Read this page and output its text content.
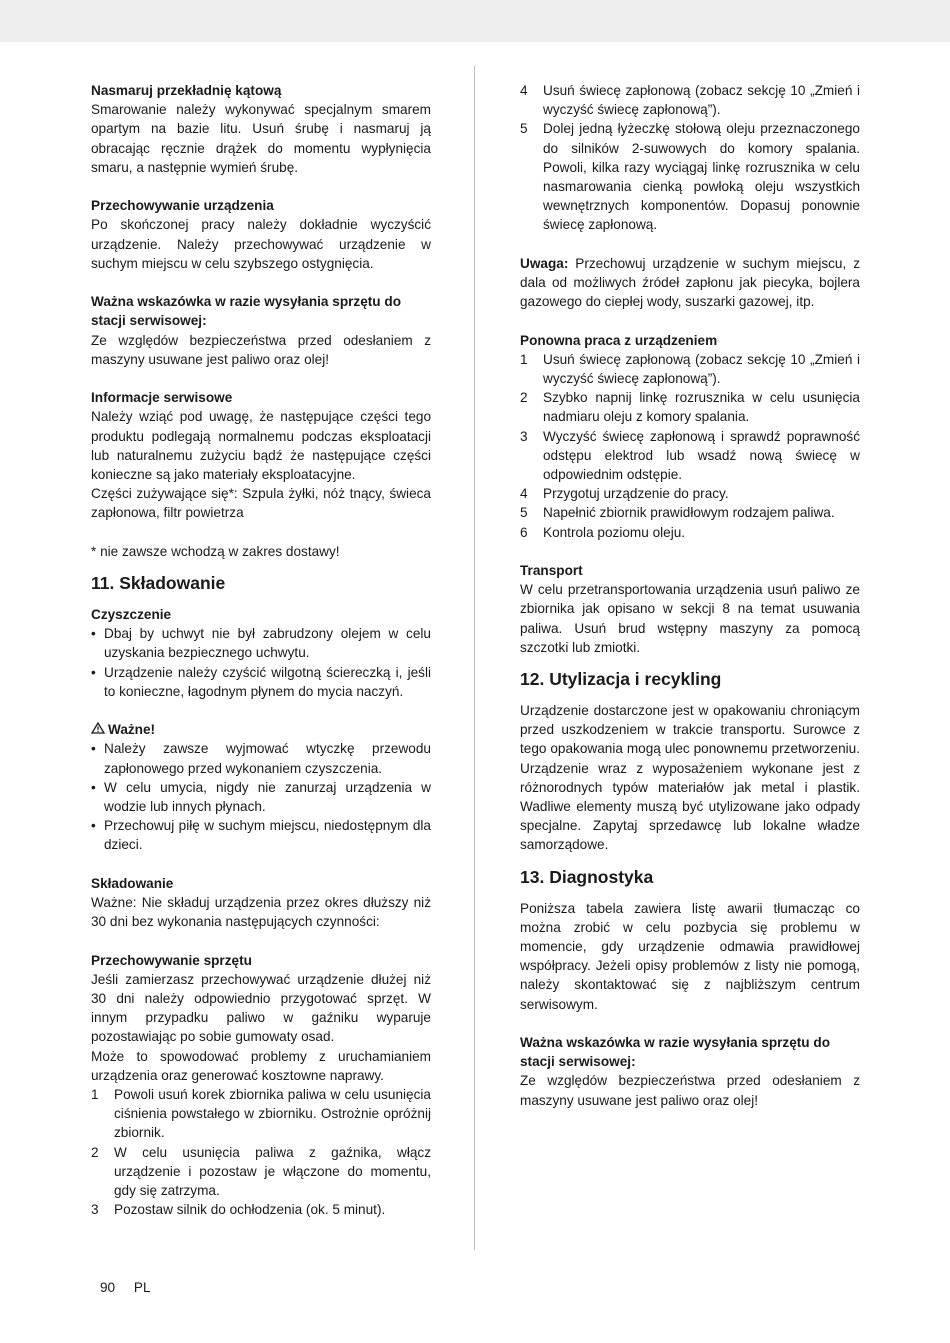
Nasmaruj przekładnię kątową

Smarowanie należy wykonywać specjalnym smarem opartym na bazie litu. Usuń śrubę i nasmaruj ją obracając ręcznie drążek do momentu wypłynięcia smaru, a następnie wymień śrubę.

Przechowywanie urządzenia

Po skończonej pracy należy dokładnie wyczyścić urządzenie. Należy przechowywać urządzenie w suchym miejscu w celu szybszego ostygnięcia.

Ważna wskazówka w razie wysyłania sprzętu do stacji serwisowej:

Ze względów bezpieczeństwa przed odesłaniem z maszyny usuwane jest paliwo oraz olej!

Informacje serwisowe

Należy wziąć pod uwagę, że następujące części tego produktu podlegają normalnemu podczas eksploatacji lub naturalnemu zużyciu bądź że następujące części konieczne są jako materiały eksploatacyjne.

Części zużywające się*: Szpula żyłki, nóż tnący, świeca zapłonowa, filtr powietrza

* nie zawsze wchodzą w zakres dostawy!

11. Składowanie

Czyszczenie

• Dbaj by uchwyt nie był zabrudzony olejem w celu uzyskania bezpiecznego uchwytu.
• Urządzenie należy czyścić wilgotną ściereczką i, jeśli to konieczne, łagodnym płynem do mycia naczyń.

Ważne!

• Należy zawsze wyjmować wtyczkę przewodu zapłonowego przed wykonaniem czyszczenia.
• W celu umycia, nigdy nie zanurzaj urządzenia w wodzie lub innych płynach.
• Przechowuj piłę w suchym miejscu, niedostępnym dla dzieci.

Składowanie

Ważne: Nie składuj urządzenia przez okres dłuższy niż 30 dni bez wykonania następujących czynności:

Przechowywanie sprzętu

Jeśli zamierzasz przechowywać urządzenie dłużej niż 30 dni należy odpowiednio przygotować sprzęt. W innym przypadku paliwo w gaźniku wyparuje pozostawiając po sobie gumowaty osad.

Może to spowodować problemy z uruchamianiem urządzenia oraz generować kosztowne naprawy.

1 Powoli usuń korek zbiornika paliwa w celu usunięcia ciśnienia powstałego w zbiorniku. Ostrożnie opróżnij zbiornik.
2 W celu usunięcia paliwa z gaźnika, włącz urządzenie i pozostaw je włączone do momentu, gdy się zatrzyma.
3 Pozostaw silnik do ochłodzenia (ok. 5 minut).
4 Usuń świecę zapłonową (zobacz sekcję 10 „Zmień i wyczyść świecę zapłonową”).
5 Dolej jedną łyżeczkę stołową oleju przeznaczonego do silników 2-suwowych do komory spalania. Powoli, kilka razy wyciągaj linkę rozrusznika w celu nasmarowania cienką powłoką oleju wszystkich wewnętrznych komponentów. Dopasuj ponownie świecę zapłonową.

Uwaga: Przechowuj urządzenie w suchym miejscu, z dala od możliwych źródeł zapłonu jak piecyka, bojlera gazowego do ciepłej wody, suszarki gazowej, itp.

Ponowna praca z urządzeniem

1 Usuń świecę zapłonową (zobacz sekcję 10 „Zmień i wyczyść świecę zapłonową”).
2 Szybko napnij linkę rozrusznika w celu usunięcia nadmiaru oleju z komory spalania.
3 Wyczyść świecę zapłonową i sprawdź poprawność odstępu elektrod lub wsadź nową świecę w odpowiednim odstępie.
4 Przygotuj urządzenie do pracy.
5 Napełnić zbiornik prawidłowym rodzajem paliwa.
6 Kontrola poziomu oleju.

Transport

W celu przetransportowania urządzenia usuń paliwo ze zbiornika jak opisano w sekcji 8 na temat usuwania paliwa. Usuń brud wstępny maszyny za pomocą szczotki lub zmiotki.

12. Utylizacja i recykling

Urządzenie dostarczone jest w opakowaniu chroniącym przed uszkodzeniem w trakcie transportu. Surowce z tego opakowania mogą ulec ponownemu przetworzeniu. Urządzenie wraz z wyposażeniem wykonane jest z różnorodnych typów materiałów jak metal i plastik. Wadliwe elementy muszą być utylizowane jako odpady specjalne. Zapytaj sprzedawcę lub lokalne władze samorządowe.

13. Diagnostyka

Poniższa tabela zawiera listę awarii tłumacząc co można zrobić w celu pozbycia się problemu w momencie, gdy urządzenie odmawia prawidłowej współpracy. Jeżeli opisy problemów z listy nie pomogą, należy skontaktować się z najbliższym centrum serwisowym.

Ważna wskazówka w razie wysyłania sprzętu do stacji serwisowej:

Ze względów bezpieczeństwa przed odesłaniem z maszyny usuwane jest paliwo oraz olej!

90 PL
